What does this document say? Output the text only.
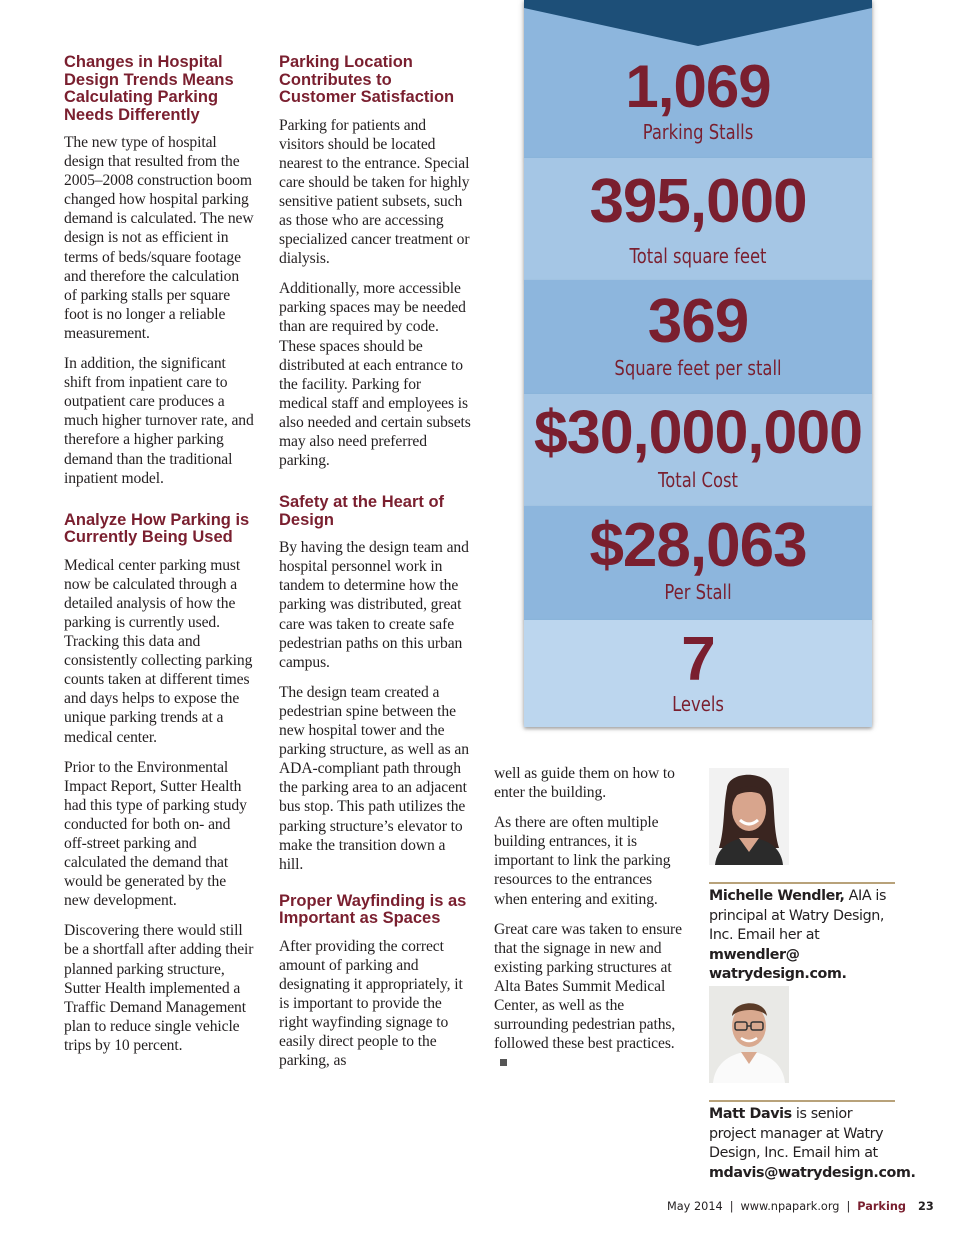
Changes in Hospital Design Trends Means Calculating Parking Needs Differently

The new type of hospital design that resulted from the 2005–2008 construction boom changed how hospital parking demand is calculated. The new design is not as efficient in terms of beds/square footage and therefore the calculation of parking stalls per square foot is no longer a reliable measurement.

In addition, the significant shift from inpatient care to outpatient care produces a much higher turnover rate, and therefore a higher parking demand than the traditional inpatient model.

Analyze How Parking is Currently Being Used

Medical center parking must now be calculated through a detailed analysis of how the parking is currently used. Tracking this data and consistently collecting parking counts taken at different times and days helps to expose the unique parking trends at a medical center.

Prior to the Environmental Impact Report, Sutter Health had this type of parking study conducted for both on- and off-street parking and calculated the demand that would be generated by the new development.

Discovering there would still be a shortfall after adding their planned parking structure, Sutter Health implemented a Traffic Demand Management plan to reduce single vehicle trips by 10 percent.

Parking Location Contributes to Customer Satisfaction

Parking for patients and visitors should be located nearest to the entrance. Special care should be taken for highly sensitive patient subsets, such as those who are accessing specialized cancer treatment or dialysis.

Additionally, more accessible parking spaces may be needed than are required by code. These spaces should be distributed at each entrance to the facility. Parking for medical staff and employees is also needed and certain subsets may also need preferred parking.

Safety at the Heart of Design

By having the design team and hospital personnel work in tandem to determine how the parking was distributed, great care was taken to create safe pedestrian paths on this urban campus.

The design team created a pedestrian spine between the new hospital tower and the parking structure, as well as an ADA-compliant path through the parking area to an adjacent bus stop. This path utilizes the parking structure’s elevator to make the transition down a hill.

Proper Wayfinding is as Important as Spaces

After providing the correct amount of parking and designating it appropriately, it is important to provide the right wayfinding signage to easily direct people to the parking, as

well as guide them on how to enter the building.

As there are often multiple building entrances, it is important to link the parking resources to the entrances when entering and exiting.

Great care was taken to ensure that the signage in new and existing parking structures at Alta Bates Summit Medical Center, as well as the surrounding pedestrian paths, followed these best practices.

1,069
Parking Stalls
395,000
Total square feet
369
Square feet per stall
$30,000,000
Total Cost
$28,063
Per Stall
7
Levels
Michelle Wendler, AIA is principal at Watry Design, Inc. Email her at mwendler@ watrydesign.com.
Matt Davis is senior project manager at Watry Design, Inc. Email him at mdavis@watrydesign.com.
May 2014 | www.npapark.org | Parking 23
